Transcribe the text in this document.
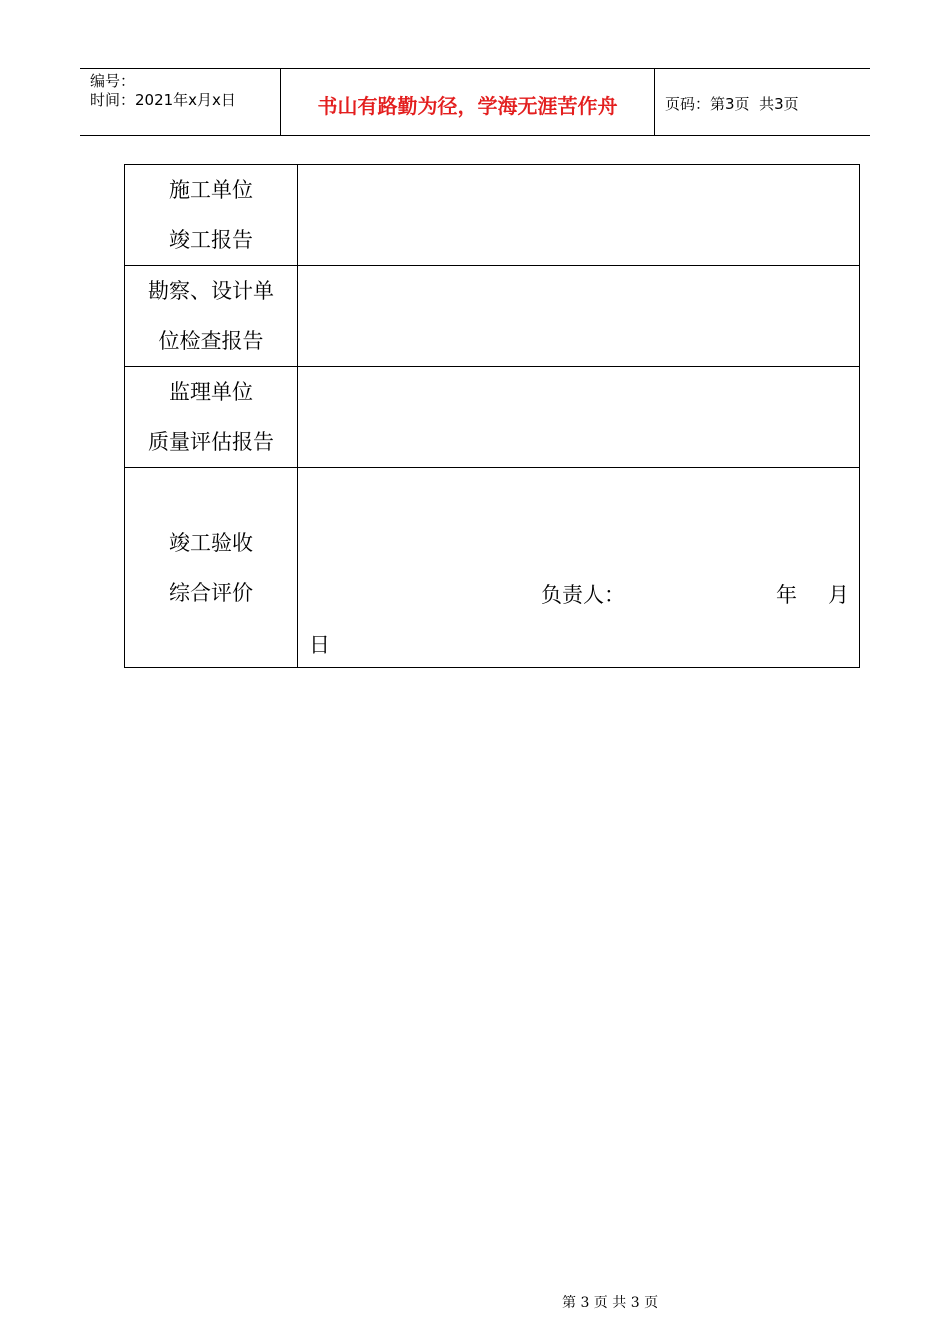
编号：
时间：2021年x月x日	书山有路勤为径，学海无涯苦作舟	页码：第3页  共3页
施工单位
竣工报告	

勘察、设计单
位检查报告	

监理单位
质量评估报告	

竣工验收
综合评价	负责人： 年 月
日
第 3 页 共 3 页
